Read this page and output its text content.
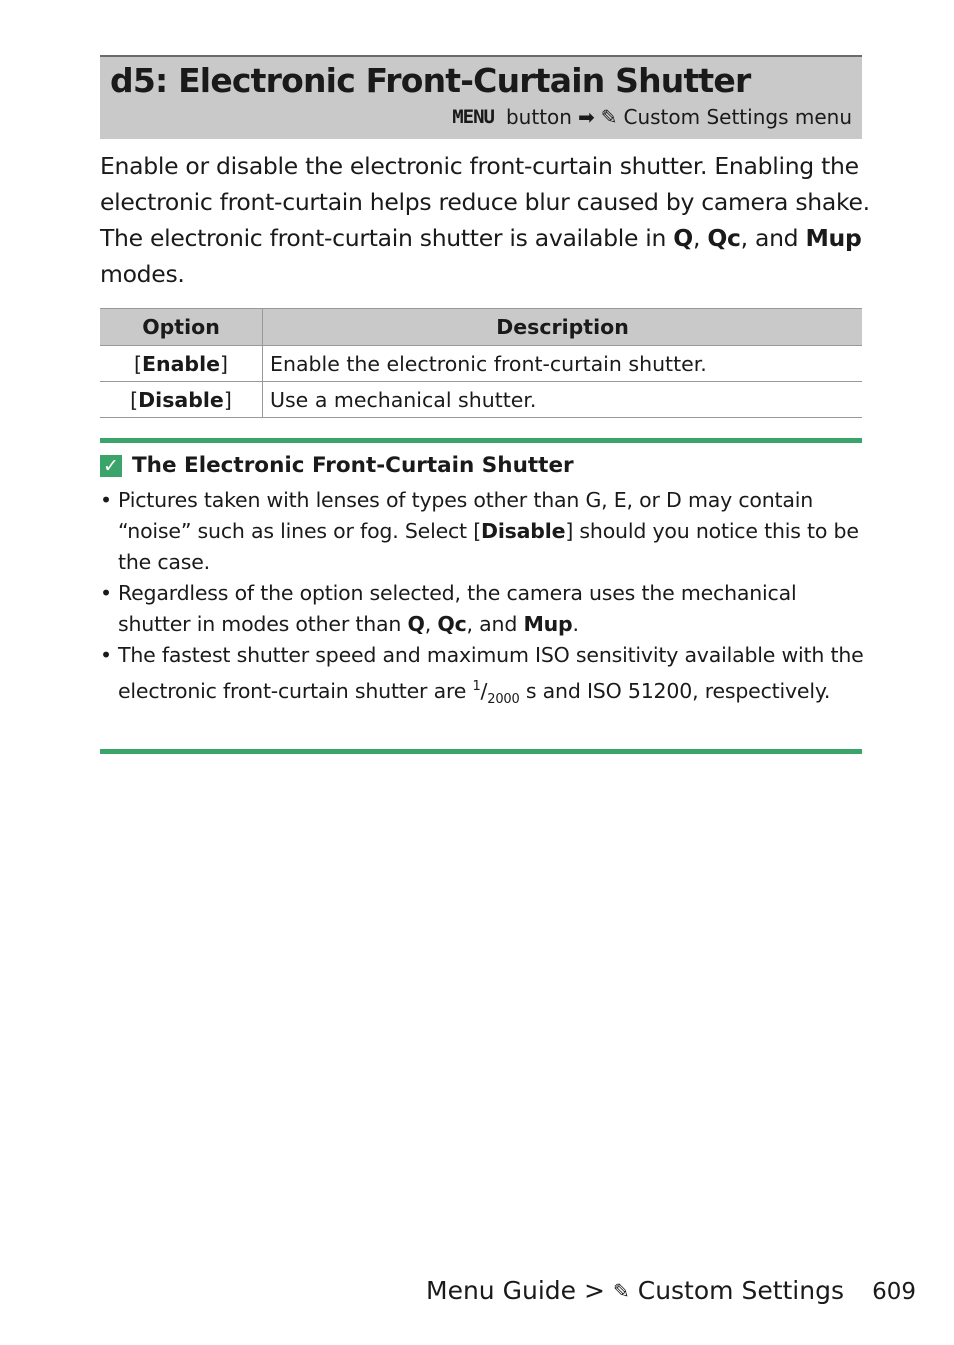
d5: Electronic Front-Curtain Shutter
MENU button ➡ ✎ Custom Settings menu
Enable or disable the electronic front-curtain shutter. Enabling the electronic front-curtain helps reduce blur caused by camera shake. The electronic front-curtain shutter is available in Q, Qc, and Mup modes.
Option	Description
[Enable]	Enable the electronic front-curtain shutter.
[Disable]	Use a mechanical shutter.
✓ The Electronic Front-Curtain Shutter
• Pictures taken with lenses of types other than G, E, or D may contain “noise” such as lines or fog. Select [Disable] should you notice this to be the case.
• Regardless of the option selected, the camera uses the mechanical shutter in modes other than Q, Qc, and Mup.
• The fastest shutter speed and maximum ISO sensitivity available with the electronic front-curtain shutter are $^1/_{2000}$ s and ISO 51200, respectively.
Menu Guide > ✎ Custom Settings 609
